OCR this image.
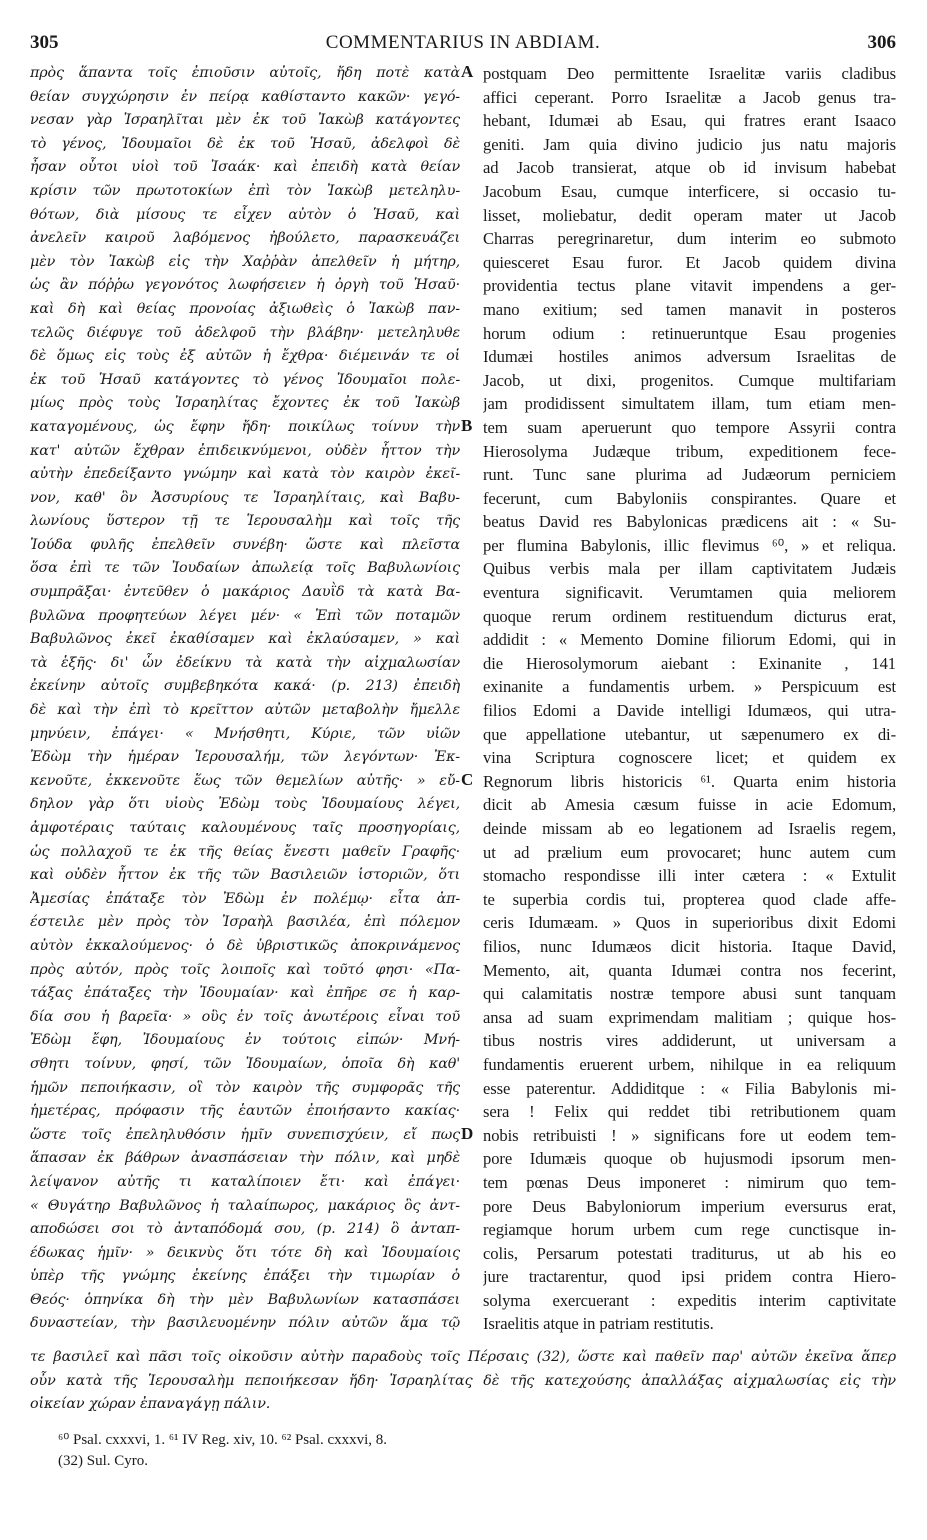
305	COMMENTARIUS IN ABDIAM.	306
πρὸς ἅπαντα τοῖς ἐπιοῦσιν αὐτοῖς, ἤδη ποτὲ κατὰ
θείαν συγχώρησιν ἐν πείρᾳ καθίσταντο κακῶν· γεγό-
νεσαν γὰρ Ἰσραηλῖται μὲν ἐκ τοῦ Ἰακὼβ κατάγοντες
τὸ γένος, Ἰδουμαῖοι δὲ ἐκ τοῦ Ἡσαῦ, ἀδελφοὶ δὲ
ἦσαν οὗτοι υἱοὶ τοῦ Ἰσαάκ· καὶ ἐπειδὴ κατὰ θείαν
κρίσιν τῶν πρωτοτοκίων ἐπὶ τὸν Ἰακὼβ μετεληλυ-
θότων, διὰ μίσους τε εἶχεν αὐτὸν ὁ Ἡσαῦ, καὶ
ἀνελεῖν καιροῦ λαβόμενος ἠβούλετο, παρασκευάζει
μὲν τὸν Ἰακὼβ εἰς τὴν Χαῤῥὰν ἀπελθεῖν ἡ μήτηρ,
ὡς ἂν πόῤῥω γεγονότος λωφήσειεν ἡ ὀργὴ τοῦ Ἡσαῦ·
καὶ δὴ καὶ θείας προνοίας ἀξιωθεὶς ὁ Ἰακὼβ παν-
τελῶς διέφυγε τοῦ ἀδελφοῦ τὴν βλάβην· μετεληλυθε
δὲ ὅμως εἰς τοὺς ἐξ αὐτῶν ἡ ἔχθρα· διέμεινάν τε οἱ
ἐκ τοῦ Ἡσαῦ κατάγοντες τὸ γένος Ἰδουμαῖοι πολε-
μίως πρὸς τοὺς Ἰσραηλίτας ἔχοντες ἐκ τοῦ Ἰακὼβ
καταγομένους, ὡς ἔφην ἤδη· ποικίλως τοίνυν τὴν
κατ' αὐτῶν ἔχθραν ἐπιδεικνύμενοι, οὐδὲν ἧττον τὴν
αὐτὴν ἐπεδείξαντο γνώμην καὶ κατὰ τὸν καιρὸν ἐκεῖ-
νον, καθ' ὃν Ἀσσυρίους τε Ἰσραηλίταις, καὶ Βαβυ-
λωνίους ὕστερον τῇ τε Ἱερουσαλὴμ καὶ τοῖς τῆς
Ἰούδα φυλῆς ἐπελθεῖν συνέβη· ὥστε καὶ πλεῖστα
ὅσα ἐπὶ τε τῶν Ἰουδαίων ἀπωλείᾳ τοῖς Βαβυλωνίοις
συμπρᾶξαι· ἐντεῦθεν ὁ μακάριος Δαυῒδ τὰ κατὰ Βα-
βυλῶνα προφητεύων λέγει μέν· « Ἐπὶ τῶν ποταμῶν
Βαβυλῶνος ἐκεῖ ἐκαθίσαμεν καὶ ἐκλαύσαμεν, » καὶ
τὰ ἑξῆς· δι' ὧν ἐδείκνυ τὰ κατὰ τὴν αἰχμαλωσίαν
ἐκείνην αὐτοῖς συμβεβηκότα κακά· (p. 213) ἐπειδὴ
δὲ καὶ τὴν ἐπὶ τὸ κρεῖττον αὐτῶν μεταβολὴν ἤμελλε
μηνύειν, ἐπάγει· « Μνήσθητι, Κύριε, τῶν υἱῶν
Ἐδὼμ τὴν ἡμέραν Ἱερουσαλήμ, τῶν λεγόντων· Ἐκ-
κενοῦτε, ἐκκενοῦτε ἕως τῶν θεμελίων αὐτῆς· » εὔ-
δηλον γὰρ ὅτι υἱοὺς Ἐδὼμ τοὺς Ἰδουμαίους λέγει,
ἀμφοτέραις ταύταις καλουμένους ταῖς προσηγορίαις,
ὡς πολλαχοῦ τε ἐκ τῆς θείας ἔνεστι μαθεῖν Γραφῆς·
καὶ οὐδὲν ἧττον ἐκ τῆς τῶν Βασιλειῶν ἱστοριῶν, ὅτι
Ἀμεσίας ἐπάταξε τὸν Ἐδὼμ ἐν πολέμῳ· εἶτα ἀπ-
έστειλε μὲν πρὸς τὸν Ἰσραὴλ βασιλέα, ἐπὶ πόλεμον
αὐτὸν ἐκκαλούμενος· ὁ δὲ ὑβριστικῶς ἀποκρινάμενος
πρὸς αὐτόν, πρὸς τοῖς λοιποῖς καὶ τοῦτό φησι· «Πα-
τάξας ἐπάταξες τὴν Ἰδουμαίαν· καὶ ἐπῆρε σε ἡ καρ-
δία σου ἡ βαρεῖα· » οὓς ἐν τοῖς ἀνωτέροις εἶναι τοῦ
Ἐδὼμ ἔφη, Ἰδουμαίους ἐν τούτοις εἰπών· Μνή-
σθητι τοίνυν, φησί, τῶν Ἰδουμαίων, ὁποῖα δὴ καθ'
ἡμῶν πεποιήκασιν, οἳ τὸν καιρὸν τῆς συμφορᾶς τῆς
ἡμετέρας, πρόφασιν τῆς ἑαυτῶν ἐποιήσαντο κακίας·
ὥστε τοῖς ἐπεληλυθόσιν ἡμῖν συνεπισχύειν, εἴ πως
ἅπασαν ἐκ βάθρων ἀνασπάσειαν τὴν πόλιν, καὶ μηδὲ
λείψανον αὐτῆς τι καταλίποιεν ἔτι· καὶ ἐπάγει·
« Θυγάτηρ Βαβυλῶνος ἡ ταλαίπωρος, μακάριος ὃς ἀντ-
αποδώσει σοι τὸ ἀνταπόδομά σου, (p. 214) ὃ ἀνταπ-
έδωκας ἡμῖν· » δεικνὺς ὅτι τότε δὴ καὶ Ἰδουμαίοις
ὑπὲρ τῆς γνώμης ἐκείνης ἐπάξει τὴν τιμωρίαν ὁ
Θεός· ὁπηνίκα δὴ τὴν μὲν Βαβυλωνίων κατασπάσει
δυναστείαν, τὴν βασιλευομένην πόλιν αὐτῶν ἅμα τῷ
postquam Deo permittente Israelitæ variis cladibus
affici ceperant. Porro Israelitæ a Jacob genus tra-
hebant, Idumæi ab Esau, qui fratres erant Isaaco
geniti. Jam quia divino judicio jus natu majoris
ad Jacob transierat, atque ob id invisum habebat
Jacobum Esau, cumque interficere, si occasio tu-
lisset, moliebatur, dedit operam mater ut Jacob
Charras peregrinaretur, dum interim eo submoto
quiesceret Esau furor. Et Jacob quidem divina
providentia tectus plane vitavit impendens a ger-
mano exitium; sed tamen manavit in posteros
horum odium : retinueruntque Esau progenies
Idumæi hostiles animos adversum Israelitas de
Jacob, ut dixi, progenitos. Cumque multifariam
jam prodidissent simultatem illam, tum etiam men-
tem suam aperuerunt quo tempore Assyrii contra
Hierosolyma Judæque tribum, expeditionem fece-
runt. Tunc sane plurima ad Judæorum perniciem
fecerunt, cum Babyloniis conspirantes. Quare et
beatus David res Babylonicas prædicens ait : « Su-
per flumina Babylonis, illic flevimus ⁶⁰, » et reliqua.
Quibus verbis mala per illam captivitatem Judæis
eventura significavit. Verumtamen quia meliorem
quoque rerum ordinem restituendum dicturus erat,
addidit : « Memento Domine filiorum Edomi, qui in
die Hierosolymorum aiebant : Exinanite , 141
exinanite a fundamentis urbem. » Perspicuum est
filios Edomi a Davide intelligi Idumæos, qui utra-
que appellatione utebantur, ut sæpenumero ex di-
vina Scriptura cognoscere licet; et quidem ex
Regnorum libris historicis ⁶¹. Quarta enim historia
dicit ab Amesia cæsum fuisse in acie Edomum,
deinde missam ab eo legationem ad Israelis regem,
ut ad prælium eum provocaret; hunc autem cum
stomacho respondisse illi inter cætera : « Extulit
te superbia cordis tui, propterea quod clade affe-
ceris Idumæam. » Quos in superioribus dixit Edomi
filios, nunc Idumæos dicit historia. Itaque David,
Memento, ait, quanta Idumæi contra nos fecerint,
qui calamitatis nostræ tempore abusi sunt tanquam
ansa ad suam exprimendam malitiam ; quique hos-
tibus nostris vires addiderunt, ut universam a
fundamentis eruerent urbem, nihilque in ea reliquum
esse paterentur. Addiditque : « Filia Babylonis mi-
sera ! Felix qui reddet tibi retributionem quam
nobis retribuisti ! » significans fore ut eodem tem-
pore Idumæis quoque ob hujusmodi ipsorum men-
tem pœnas Deus imponeret : nimirum quo tem-
pore Deus Babyloniorum imperium eversurus erat,
regiamque horum urbem cum rege cunctisque in-
colis, Persarum potestati traditurus, ut ab his eo
jure tractarentur, quod ipsi pridem contra Hiero-
solyma exercuerant : expeditis interim captivitate
Israelitis atque in patriam restitutis.
A
B
C
D
τε βασιλεῖ καὶ πᾶσι τοῖς οἰκοῦσιν αὐτὴν παραδοὺς τοῖς Πέρσαις (32), ὥστε καὶ παθεῖν παρ' αὐτῶν ἐκεῖνα ἅπερ
οὗν κατὰ τῆς Ἱερουσαλὴμ πεποιήκεσαν ἤδη· Ἰσραηλίτας δὲ τῆς κατεχούσης ἀπαλλάξας αἰχμαλωσίας εἰς τὴν
οἰκείαν χώραν ἐπαναγάγῃ πάλιν.
⁶⁰ Psal. cxxxvi, 1. ⁶¹ IV Reg. xiv, 10. ⁶² Psal. cxxxvi, 8.
(32) Sul. Cyro.
